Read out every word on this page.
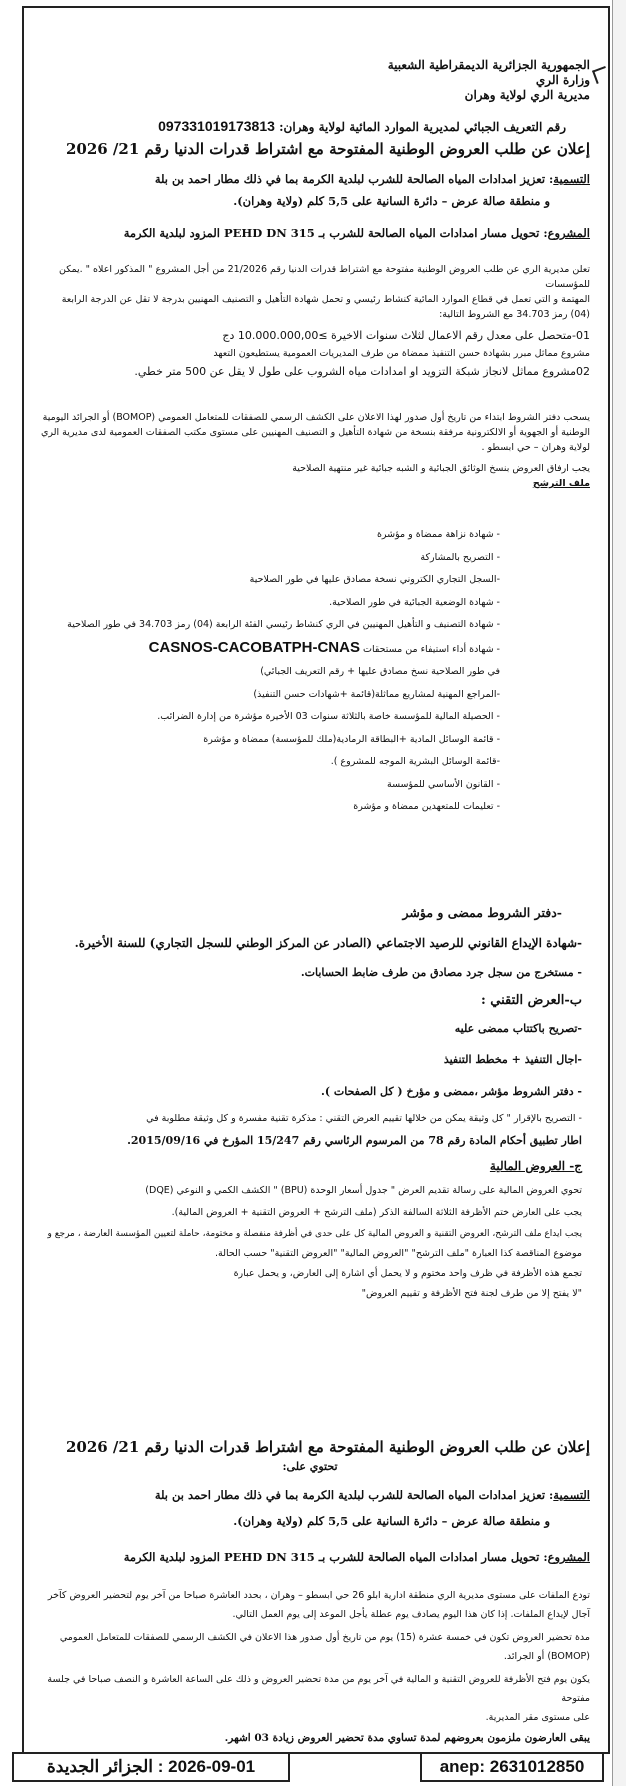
الجمهورية الجزائرية الديمقراطية الشعبية
وزارة الري
مديرية الري لولاية وهران
رقم التعريف الجبائي لمديرية الموارد المائية لولاية وهران: 097331019173813
إعلان عن طلب العروض الوطنية المفتوحة مع اشتراط قدرات الدنيا رقم 21/ 2026
التسمية: تعزيز امدادات المياه الصالحة للشرب لبلدية الكرمة بما في ذلك مطار احمد بن بلة
و منطقة صالة عرض – دائرة السانية على 5,5 كلم (ولاية وهران).
المشروع: تحويل مسار امدادات المياه الصالحة للشرب بـ PEHD DN 315 المزود لبلدية الكرمة
تعلن مديرية الري عن طلب العروض الوطنية مفتوحة مع اشتراط قدرات الدنيا رقم 21/2026 من أجل المشروع " المذكور اعلاه " .يمكن للمؤسسات
المهتمة و التي تعمل في قطاع الموارد المائية كنشاط رئيسي و تحمل شهادة التأهيل و التصنيف المهنيين بدرجة لا تقل عن الدرجة الرابعة
(04) رمز 34.703 مع الشروط التالية:
01-متحصل على معدل رقم الاعمال لثلاث سنوات الاخيرة ≥10.000.000,00 دج
مشروع مماثل مبرر بشهادة حسن التنفيذ ممضاة من طرف المديريات العمومية يستطيعون التعهد
02مشروع مماثل لانجاز شبكة التزويد او امدادات مياه الشروب على طول لا يقل عن 500 متر خطي.
يسحب دفتر الشروط ابتداء من تاريخ أول صدور لهذا الاعلان على الكشف الرسمي للصفقات للمتعامل العمومي (BOMOP) أو الجرائد اليومية
الوطنية أو الجهوية أو الالكترونية مرفقة بنسخة من شهادة التأهيل و التصنيف المهنيين على مستوى مكتب الصفقات العمومية لدى مديرية الري
لولاية وهران – حي ابسطو .
يجب ارفاق العروض بنسخ الوثائق الجبائية و الشبه جبائية غير منتهية الصلاحية
ملف الترشح
- شهادة نزاهة ممضاة و مؤشرة
- التصريح بالمشاركة
-السجل التجاري الكتروني نسخة مصادق عليها في طور الصلاحية
- شهادة الوضعية الجبائية في طور الصلاحية.
- شهادة التصنيف و التأهيل المهنيين في الري كنشاط رئيسي الفئة الرابعة (04) رمز 34.703 في طور الصلاحية
- شهادة أداء استيفاء من مستحقات CASNOS-CACOBATPH-CNAS
في طور الصلاحية نسخ مصادق عليها + رقم التعريف الجبائي)
-المراجع المهنية لمشاريع مماثلة(قائمة +شهادات حسن التنفيذ)
- الحصيلة المالية للمؤسسة خاصة بالثلاثة سنوات 03 الأخيرة مؤشرة من إدارة الضرائب.
- قائمة الوسائل المادية +البطاقة الرمادية(ملك للمؤسسة) ممضاة و مؤشرة
-قائمة الوسائل البشرية الموجه للمشروع ).
- القانون الأساسي للمؤسسة
- تعليمات للمتعهدين ممضاة و مؤشرة
-دفتر الشروط ممضى و مؤشر
-شهادة الإيداع القانوني للرصيد الاجتماعي (الصادر عن المركز الوطني للسجل التجاري) للسنة الأخيرة.
- مستخرج من سجل جرد مصادق من طرف ضابط الحسابات.
ب-العرض التقني :
-تصريح باكتتاب ممضى عليه
-اجال التنفيذ + مخطط التنفيذ
- دفتر الشروط مؤشر ،ممضى و مؤرخ ( كل الصفحات ).
- التصريح بالإقرار " كل وثيقة يمكن من خلالها تقييم العرض التقني : مذكرة تقنية مفسرة و كل وثيقة مطلوبة في
اطار تطبيق أحكام المادة رقم 78 من المرسوم الرئاسي رقم 15/247 المؤرخ في 2015/09/16.
ج- العروض المالية
تحوي العروض المالية على رسالة تقديم العرض " جدول أسعار الوحدة (BPU) " الكشف الكمي و النوعي (DQE)
يجب على العارض ختم الأظرفة الثلاثة السالفة الذكر (ملف الترشح + العروض التقنية + العروض المالية).
يجب ايداع ملف الترشح، العروض التقنية و العروض المالية كل على حدى في أظرفة منفصلة و مختومة، حاملة لتعيين المؤسسة العارضة ، مرجع و
موضوع المناقصة كذا العبارة "ملف الترشح" "العروض المالية" "العروض التقنية" حسب الحالة.
تجمع هذه الأظرفة في ظرف واحد مختوم و لا يحمل أي اشارة إلى العارض، و يحمل عبارة
"لا يفتح إلا من طرف لجنة فتح الأظرفة و تقييم العروض"
إعلان عن طلب العروض الوطنية المفتوحة مع اشتراط قدرات الدنيا رقم 21/ 2026
تحتوي على:
التسمية: تعزيز امدادات المياه الصالحة للشرب لبلدية الكرمة بما في ذلك مطار احمد بن بلة
و منطقة صالة عرض – دائرة السانية على 5,5 كلم (ولاية وهران).
المشروع: تحويل مسار امدادات المياه الصالحة للشرب بـ PEHD DN 315 المزود لبلدية الكرمة
تودع الملفات على مستوى مديرية الري منطقة ادارية ابلو 26 حي ابسطو – وهران ، بحدد العاشرة صباحا من آخر يوم لتحضير العروض كآخر
آجال لإيداع الملفات. إذا كان هذا اليوم يصادف يوم عطلة يأجل الموعد إلى يوم العمل التالي.
مدة تحضير العروض تكون في خمسة عشرة (15) يوم من تاريخ أول صدور هذا الاعلان في الكشف الرسمي للصفقات للمتعامل العمومي
(BOMOP) أو الجرائد.
يكون يوم فتح الأظرفة للعروض التقنية و المالية في آخر يوم من مدة تحضير العروض و ذلك على الساعة العاشرة و النصف صباحا في جلسة مفتوحة
على مستوى مقر المديرية.
يبقى العارضون ملزمون بعروضهم لمدة تساوي مدة تحضير العروض زيادة 03 اشهر.
2026-09-01 : الجزائر الجديدة	anep: 2631012850
